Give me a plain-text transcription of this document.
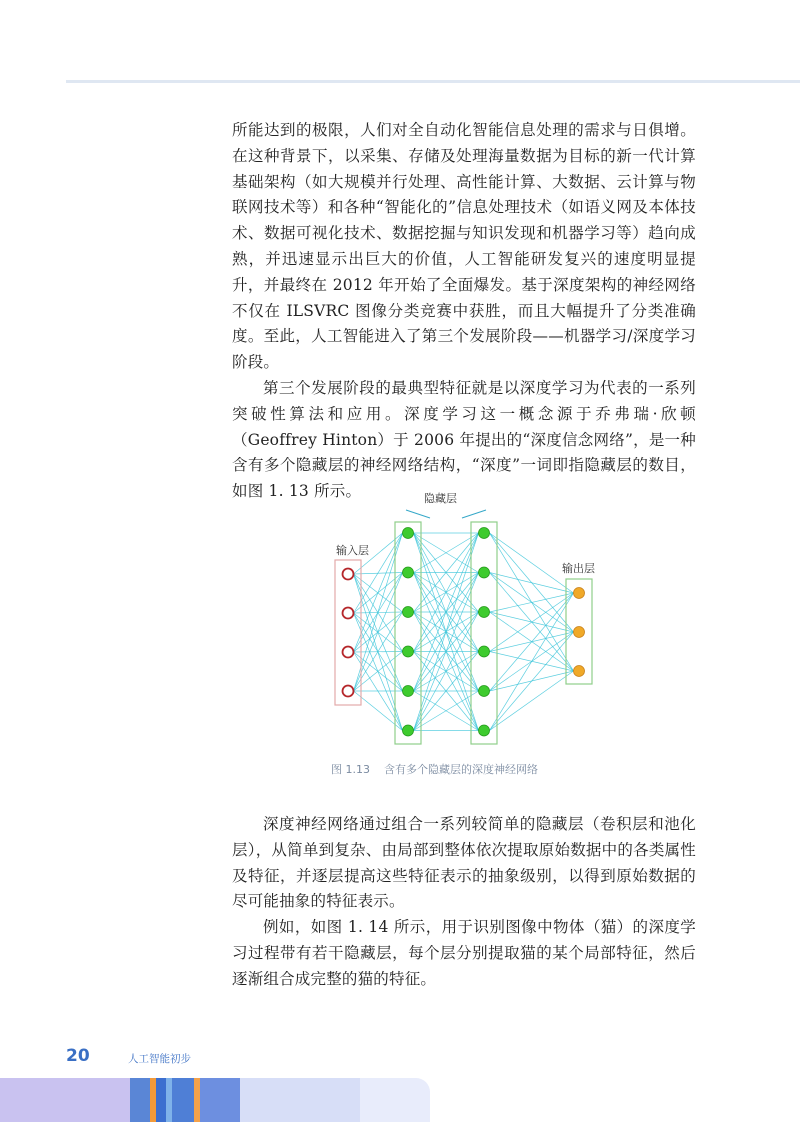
所能达到的极限，人们对全自动化智能信息处理的需求与日俱增。在这种背景下，以采集、存储及处理海量数据为目标的新一代计算基础架构（如大规模并行处理、高性能计算、大数据、云计算与物联网技术等）和各种“智能化的”信息处理技术（如语义网及本体技术、数据可视化技术、数据挖掘与知识发现和机器学习等）趋向成熟，并迅速显示出巨大的价值，人工智能研发复兴的速度明显提升，并最终在 2012 年开始了全面爆发。基于深度架构的神经网络不仅在 ILSVRC 图像分类竞赛中获胜，而且大幅提升了分类准确度。至此，人工智能进入了第三个发展阶段——机器学习/深度学习阶段。

第三个发展阶段的最典型特征就是以深度学习为代表的一系列突破性算法和应用。深度学习这一概念源于乔弗瑞·欣顿（Geoffrey Hinton）于 2006 年提出的“深度信念网络”，是一种含有多个隐藏层的神经网络结构，“深度”一词即指隐藏层的数目，如图 1. 13 所示。	隐藏层
输入层
输出层
图 1.13    含有多个隐藏层的深度神经网络

深度神经网络通过组合一系列较简单的隐藏层（卷积层和池化层），从简单到复杂、由局部到整体依次提取原始数据中的各类属性及特征，并逐层提高这些特征表示的抽象级别，以得到原始数据的尽可能抽象的特征表示。

例如，如图 1. 14 所示，用于识别图像中物体（猫）的深度学习过程带有若干隐藏层，每个层分别提取猫的某个局部特征，然后逐渐组合成完整的猫的特征。

20	人工智能初步
